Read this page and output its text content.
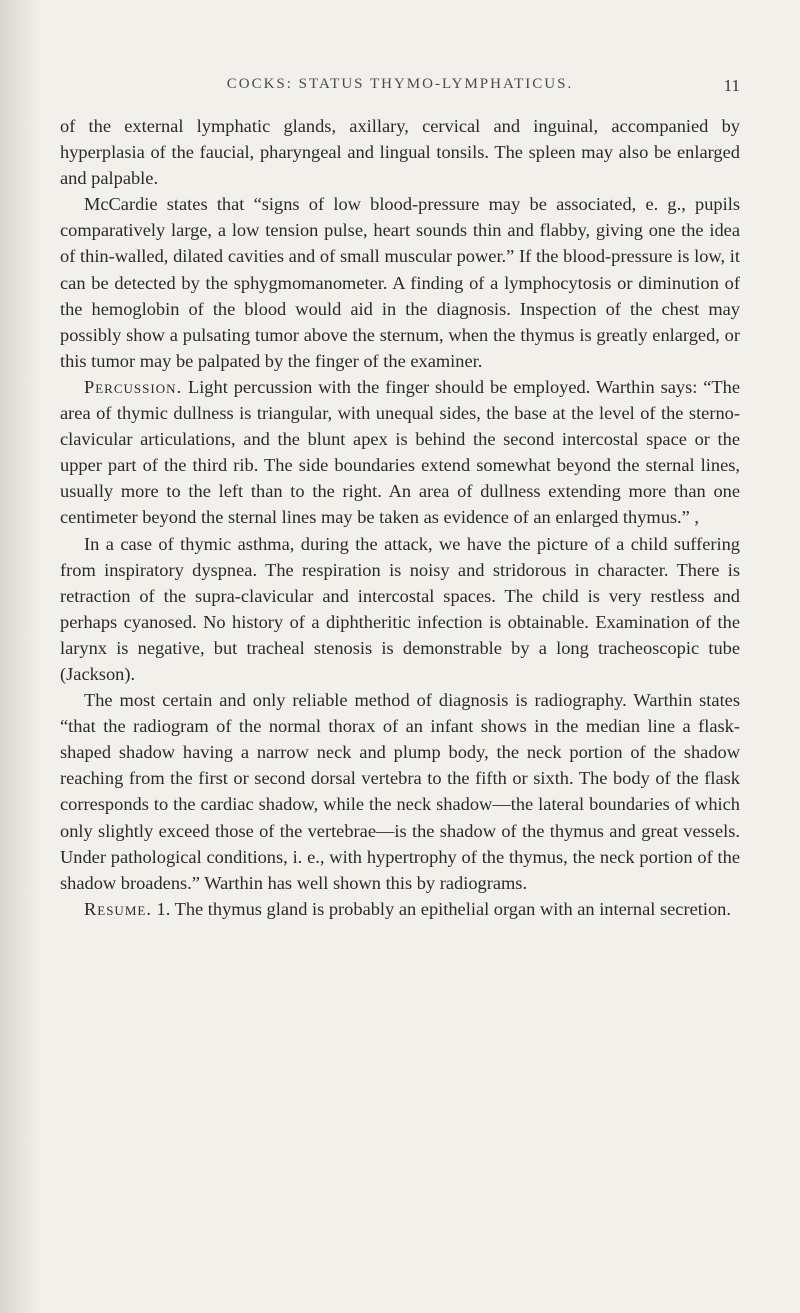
COCKS: STATUS THYMO-LYMPHATICUS.	11

of the external lymphatic glands, axillary, cervical and inguinal, accompanied by hyperplasia of the faucial, pharyngeal and lingual tonsils. The spleen may also be enlarged and palpable.

McCardie states that “signs of low blood-pressure may be associated, e. g., pupils comparatively large, a low tension pulse, heart sounds thin and flabby, giving one the idea of thin-walled, dilated cavities and of small muscular power.” If the blood-pressure is low, it can be detected by the sphygmomanometer. A finding of a lymphocytosis or diminution of the hemoglobin of the blood would aid in the diagnosis. Inspection of the chest may possibly show a pulsating tumor above the sternum, when the thymus is greatly enlarged, or this tumor may be palpated by the finger of the examiner.

Percussion. Light percussion with the finger should be employed. Warthin says: “The area of thymic dullness is triangular, with unequal sides, the base at the level of the sterno-clavicular articulations, and the blunt apex is behind the second intercostal space or the upper part of the third rib. The side boundaries extend somewhat beyond the sternal lines, usually more to the left than to the right. An area of dullness extending more than one centimeter beyond the sternal lines may be taken as evidence of an enlarged thymus.” ,

In a case of thymic asthma, during the attack, we have the picture of a child suffering from inspiratory dyspnea. The respiration is noisy and stridorous in character. There is retraction of the supra-clavicular and intercostal spaces. The child is very restless and perhaps cyanosed. No history of a diphtheritic infection is obtainable. Examination of the larynx is negative, but tracheal stenosis is demonstrable by a long tracheoscopic tube (Jackson).

The most certain and only reliable method of diagnosis is radiography. Warthin states “that the radiogram of the normal thorax of an infant shows in the median line a flask-shaped shadow having a narrow neck and plump body, the neck portion of the shadow reaching from the first or second dorsal vertebra to the fifth or sixth. The body of the flask corresponds to the cardiac shadow, while the neck shadow—the lateral boundaries of which only slightly exceed those of the vertebrae—is the shadow of the thymus and great vessels. Under pathological conditions, i. e., with hypertrophy of the thymus, the neck portion of the shadow broadens.” Warthin has well shown this by radiograms.

Resume. 1. The thymus gland is probably an epithelial organ with an internal secretion.
